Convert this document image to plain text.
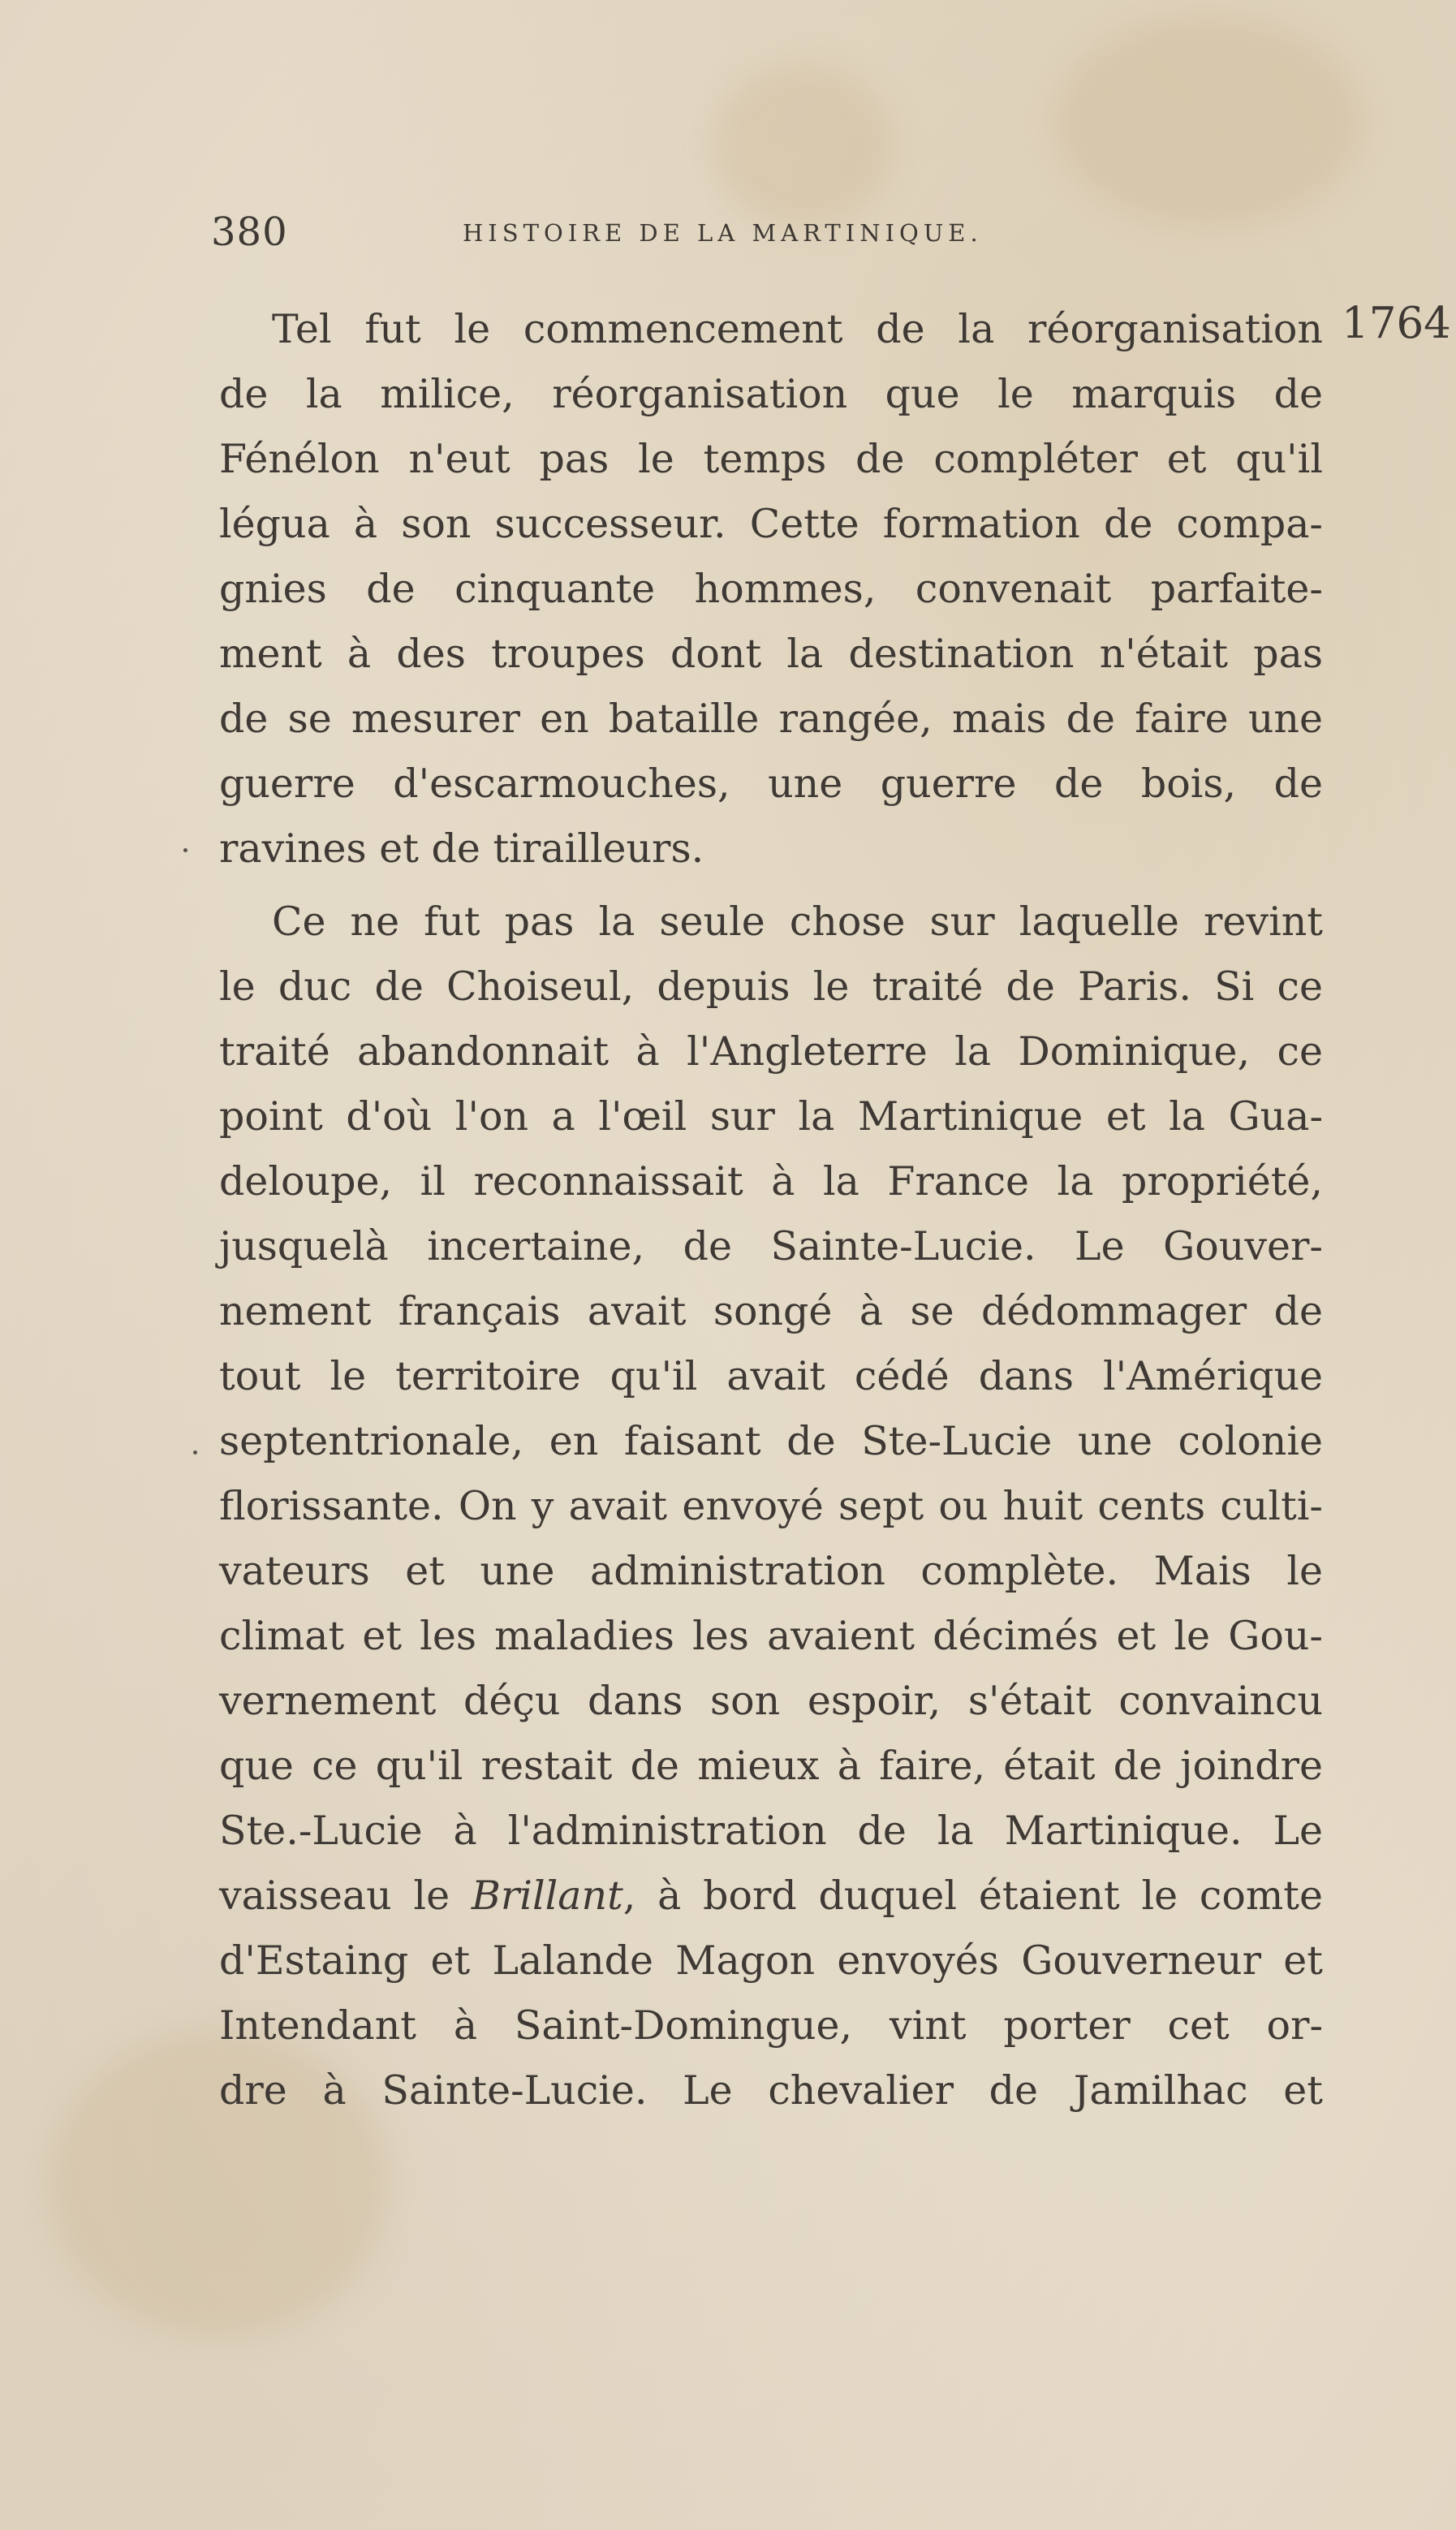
380	HISTOIRE DE LA MARTINIQUE.
1764
Tel fut le commencement de la réorganisation
de la milice, réorganisation que le marquis de
Fénélon n'eut pas le temps de compléter et qu'il
légua à son successeur. Cette formation de compa-
gnies de cinquante hommes, convenait parfaite-
ment à des troupes dont la destination n'était pas
de se mesurer en bataille rangée, mais de faire une
guerre d'escarmouches, une guerre de bois, de
ravines et de tirailleurs.
Ce ne fut pas la seule chose sur laquelle revint
le duc de Choiseul, depuis le traité de Paris. Si ce
traité abandonnait à l'Angleterre la Dominique, ce
point d'où l'on a l'œil sur la Martinique et la Gua-
deloupe, il reconnaissait à la France la propriété,
jusquelà incertaine, de Sainte-Lucie. Le Gouver-
nement français avait songé à se dédommager de
tout le territoire qu'il avait cédé dans l'Amérique
septentrionale, en faisant de Ste-Lucie une colonie
florissante. On y avait envoyé sept ou huit cents culti-
vateurs et une administration complète. Mais le
climat et les maladies les avaient décimés et le Gou-
vernement déçu dans son espoir, s'était convaincu
que ce qu'il restait de mieux à faire, était de joindre
Ste.-Lucie à l'administration de la Martinique. Le
vaisseau le Brillant, à bord duquel étaient le comte
d'Estaing et Lalande Magon envoyés Gouverneur et
Intendant à Saint-Domingue, vint porter cet or-
dre à Sainte-Lucie. Le chevalier de Jamilhac et
